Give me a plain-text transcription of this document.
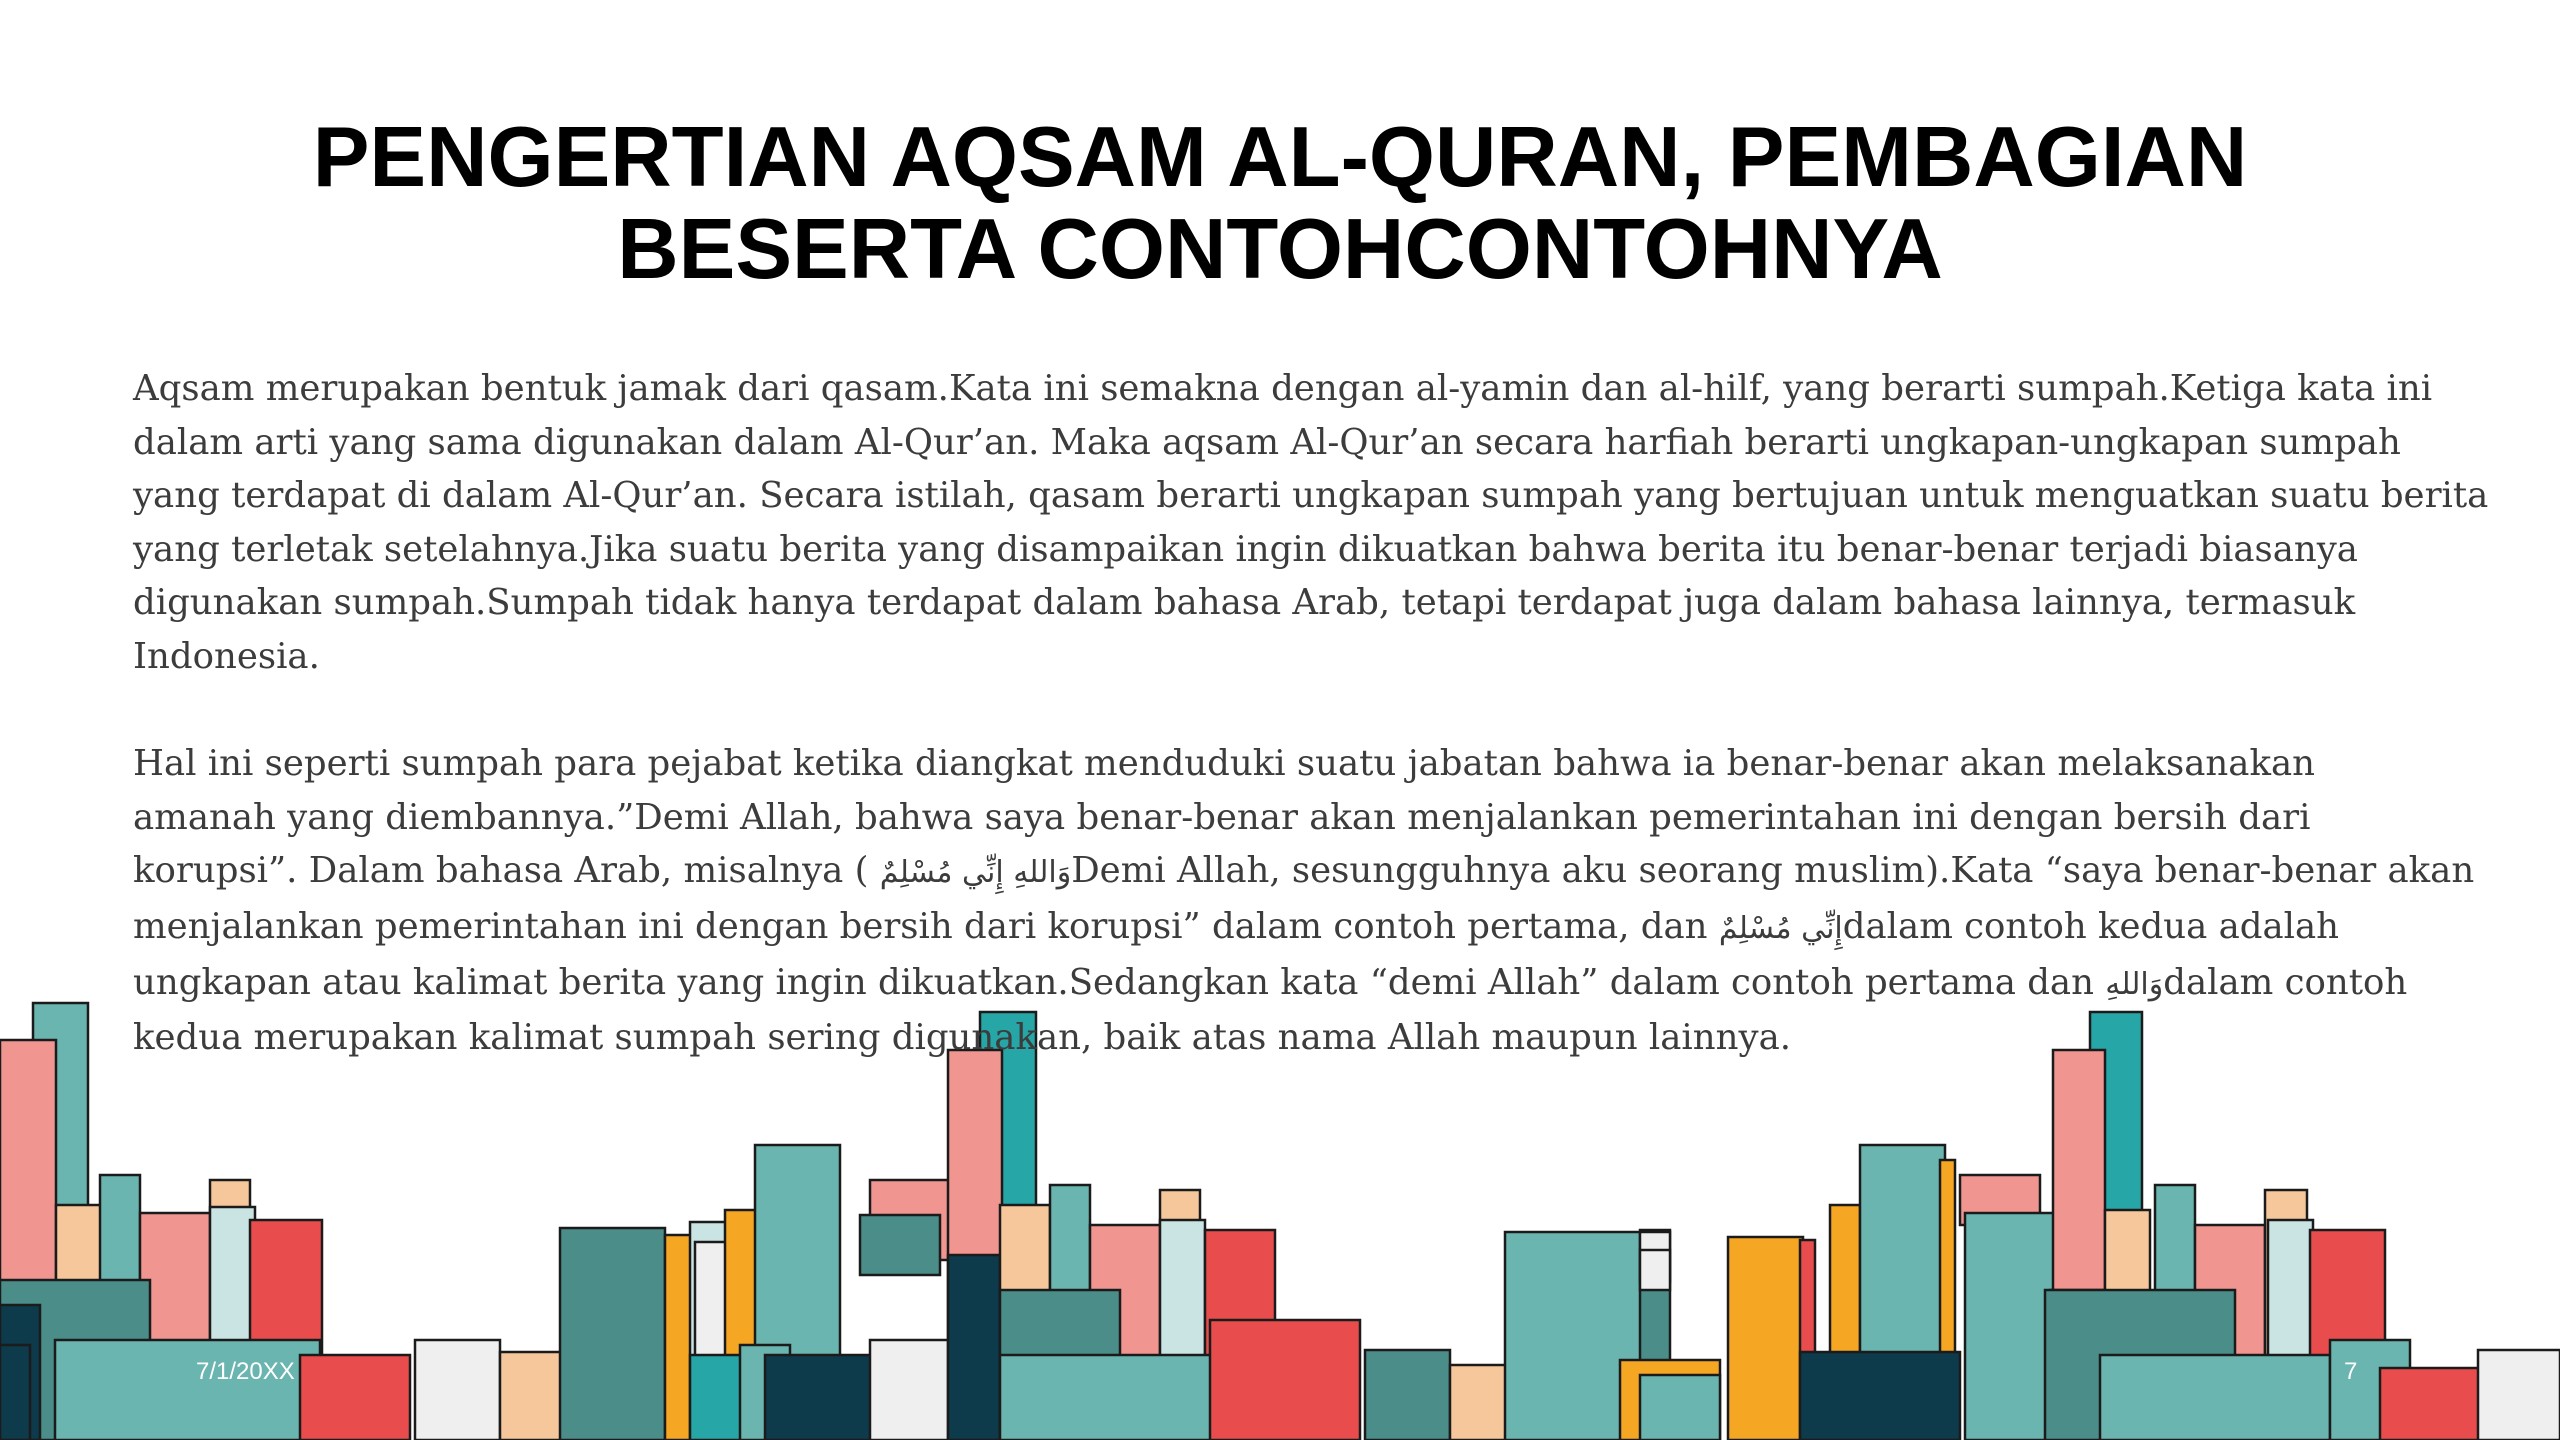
PENGERTIAN AQSAM AL-QURAN, PEMBAGIAN
BESERTA CONTOHCONTOHNYA

Aqsam merupakan bentuk jamak dari qasam.Kata ini semakna dengan al-yamin dan al-hilf, yang berarti sumpah.Ketiga kata ini

dalam arti yang sama digunakan dalam Al-Qur’an. Maka aqsam Al-Qur’an secara harfiah berarti ungkapan-ungkapan sumpah

yang terdapat di dalam Al-Qur’an. Secara istilah, qasam berarti ungkapan sumpah yang bertujuan untuk menguatkan suatu berita

yang terletak setelahnya.Jika suatu berita yang disampaikan ingin dikuatkan bahwa berita itu benar-benar terjadi biasanya

digunakan sumpah.Sumpah tidak hanya terdapat dalam bahasa Arab, tetapi terdapat juga dalam bahasa lainnya, termasuk

Indonesia.

Hal ini seperti sumpah para pejabat ketika diangkat menduduki suatu jabatan bahwa ia benar-benar akan melaksanakan

amanah yang diembannya.”Demi Allah, bahwa saya benar-benar akan menjalankan pemerintahan ini dengan bersih dari

korupsi”. Dalam bahasa Arab, misalnya ( وَاللهِ إِنِّي مُسْلِمٌDemi Allah, sesungguhnya aku seorang muslim).Kata “saya benar-benar akan

menjalankan pemerintahan ini dengan bersih dari korupsi” dalam contoh pertama, dan إِنِّي مُسْلِمٌdalam contoh kedua adalah

ungkapan atau kalimat berita yang ingin dikuatkan.Sedangkan kata “demi Allah” dalam contoh pertama dan وَاللهِdalam contoh

kedua merupakan kalimat sumpah sering digunakan, baik atas nama Allah maupun lainnya.

7/1/20XX	7
